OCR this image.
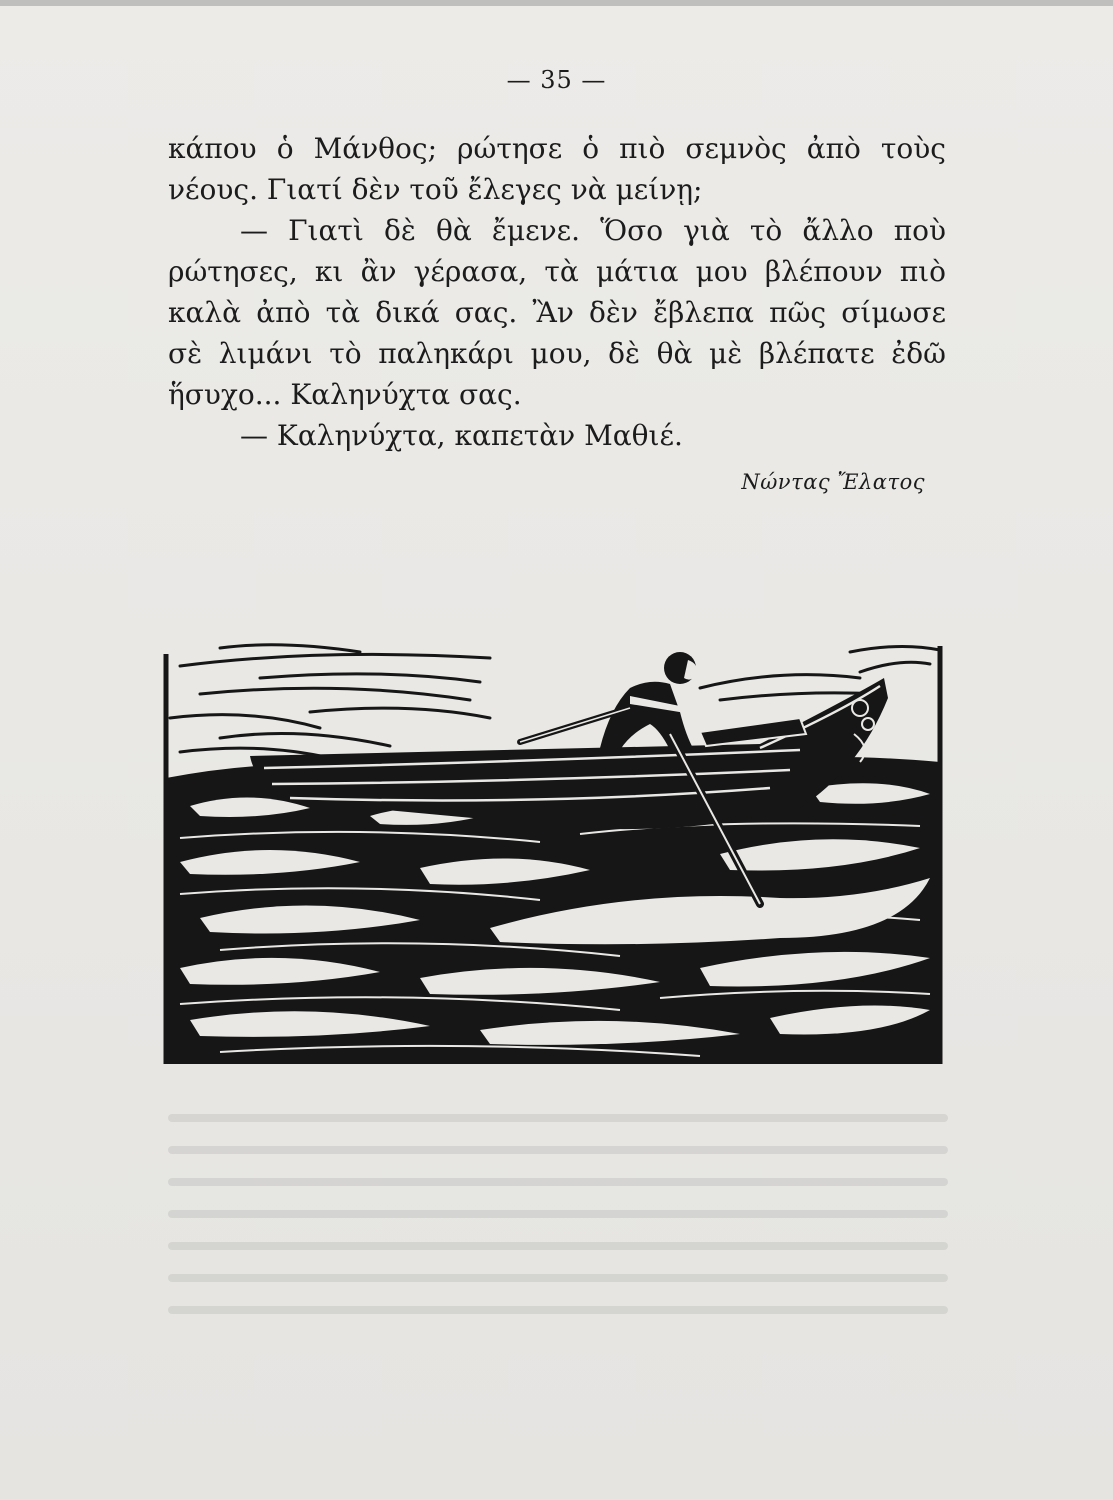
— 35 —
κάπου ὁ Μάνθος; ρώτησε ὁ πιὸ σεμνὸς ἀπὸ τοὺς
νέους. Γιατί δὲν τοῦ ἔλεγες νὰ μείνῃ;
— Γιατὶ δὲ θὰ ἔμενε. Ὅσο γιὰ τὸ ἄλλο ποὺ
ρώτησες, κι ἂν γέρασα, τὰ μάτια μου βλέπουν πιὸ
καλὰ ἀπὸ τὰ δικά σας. Ἂν δὲν ἔβλεπα πῶς σίμωσε
σὲ λιμάνι τὸ παληκάρι μου, δὲ θὰ μὲ βλέπατε ἐδῶ
ἥσυχο... Καληνύχτα σας.
— Καληνύχτα, καπετὰν Μαθιέ.
Νώντας Ἔλατος
